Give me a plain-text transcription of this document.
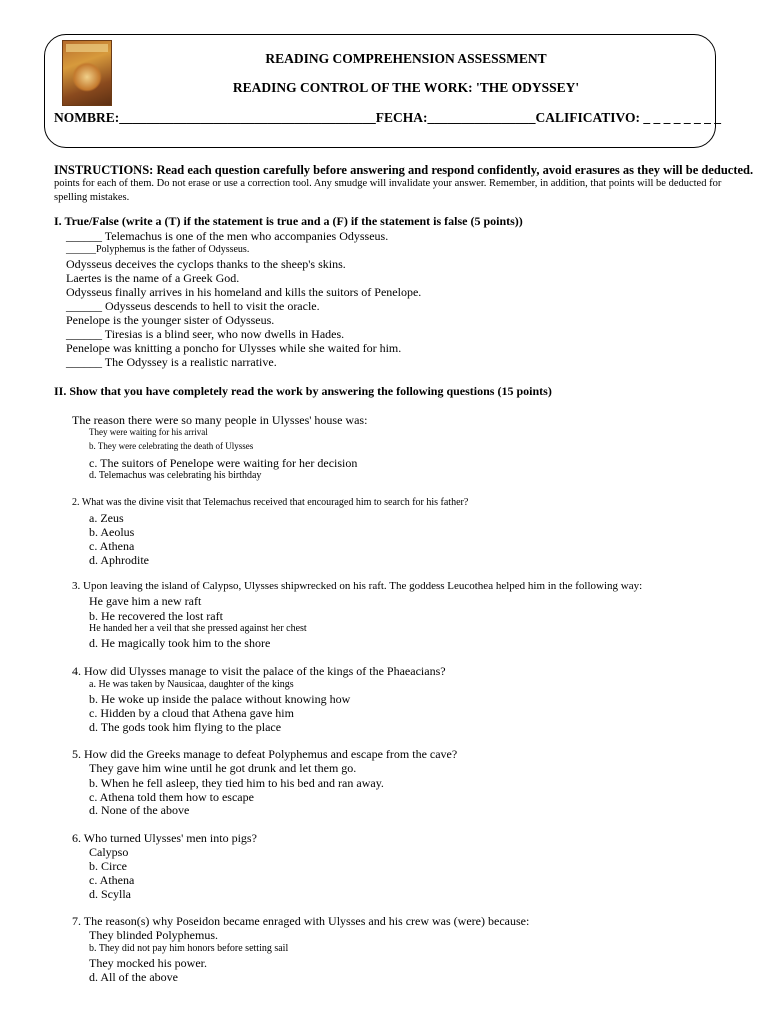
READING COMPREHENSION ASSESSMENT
READING CONTROL OF THE WORK: 'THE ODYSSEY'
NOMBRE:______________________________________FECHA:________________CALIFICATIVO: _ _ _ _ _ _ _ _
INSTRUCTIONS: Read each question carefully before answering and respond confidently, avoid erasures as they will be deducted.
points for each of them. Do not erase or use a correction tool. Any smudge will invalidate your answer. Remember, in addition, that points will be deducted for
spelling mistakes.
I. True/False (write a (T) if the statement is true and a (F) if the statement is false (5 points))
______ Telemachus is one of the men who accompanies Odysseus.
______Polyphemus is the father of Odysseus.
Odysseus deceives the cyclops thanks to the sheep's skins.
Laertes is the name of a Greek God.
Odysseus finally arrives in his homeland and kills the suitors of Penelope.
______ Odysseus descends to hell to visit the oracle.
Penelope is the younger sister of Odysseus.
______ Tiresias is a blind seer, who now dwells in Hades.
Penelope was knitting a poncho for Ulysses while she waited for him.
______ The Odyssey is a realistic narrative.
II. Show that you have completely read the work by answering the following questions (15 points)
The reason there were so many people in Ulysses' house was:
They were waiting for his arrival
b. They were celebrating the death of Ulysses
c. The suitors of Penelope were waiting for her decision
d. Telemachus was celebrating his birthday
2. What was the divine visit that Telemachus received that encouraged him to search for his father?
a. Zeus
b. Aeolus
c. Athena
d. Aphrodite
3. Upon leaving the island of Calypso, Ulysses shipwrecked on his raft. The goddess Leucothea helped him in the following way:
He gave him a new raft
b. He recovered the lost raft
He handed her a veil that she pressed against her chest
d. He magically took him to the shore
4. How did Ulysses manage to visit the palace of the kings of the Phaeacians?
a. He was taken by Nausicaa, daughter of the kings
b. He woke up inside the palace without knowing how
c. Hidden by a cloud that Athena gave him
d. The gods took him flying to the place
5. How did the Greeks manage to defeat Polyphemus and escape from the cave?
They gave him wine until he got drunk and let them go.
b. When he fell asleep, they tied him to his bed and ran away.
c. Athena told them how to escape
d. None of the above
6. Who turned Ulysses' men into pigs?
Calypso
b. Circe
c. Athena
d. Scylla
7. The reason(s) why Poseidon became enraged with Ulysses and his crew was (were) because:
They blinded Polyphemus.
b. They did not pay him honors before setting sail
They mocked his power.
d. All of the above
